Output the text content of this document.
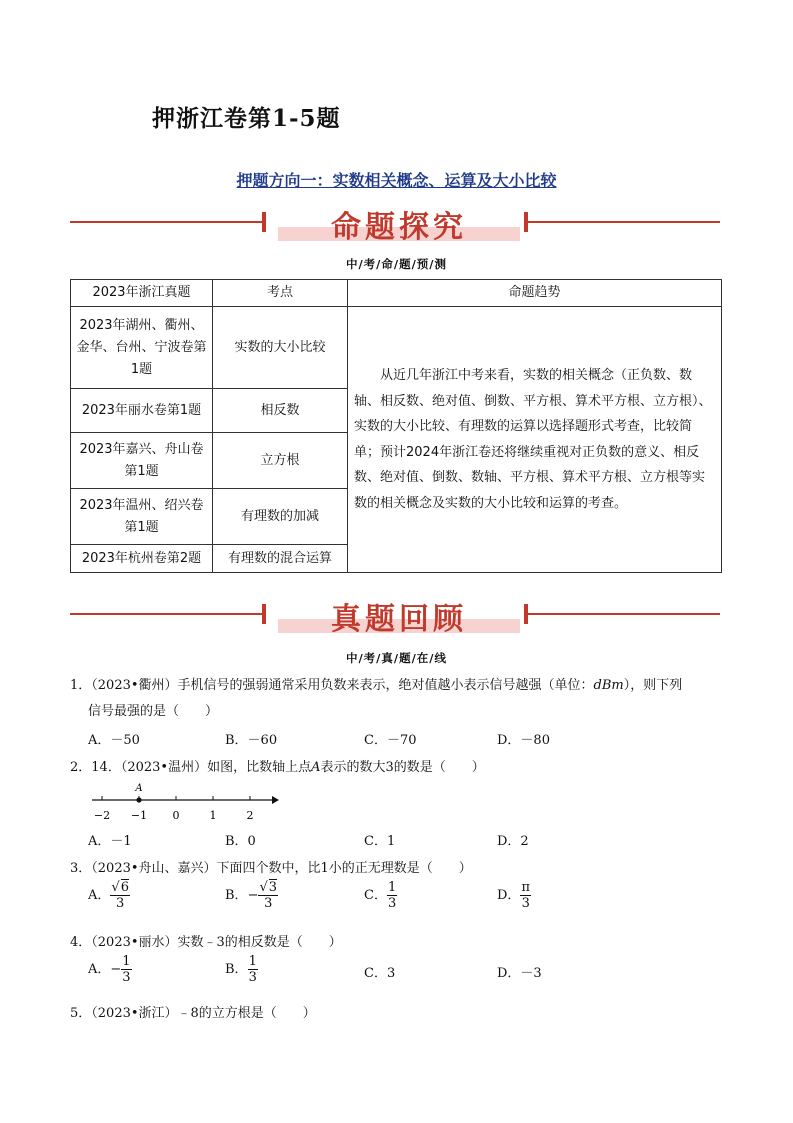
押浙江卷第1-5题
押题方向一：实数相关概念、运算及大小比较
命题探究
中/考/命/题/预/测
2023年浙江真题	考点	命题趋势
2023年湖州、衢州、金华、台州、宁波卷第1题	实数的大小比较	从近几年浙江中考来看，实数的相关概念（正负数、数轴、相反数、绝对值、倒数、平方根、算术平方根、立方根）、实数的大小比较、有理数的运算以选择题形式考查，比较简单；预计2024年浙江卷还将继续重视对正负数的意义、相反数、绝对值、倒数、数轴、平方根、算术平方根、立方根等实数的相关概念及实数的大小比较和运算的考查。
2023年丽水卷第1题	相反数	
2023年嘉兴、舟山卷第1题	立方根	
2023年温州、绍兴卷第1题	有理数的加减	
2023年杭州卷第2题	有理数的混合运算	
真题回顾
中/考/真/题/在/线
1．（2023•衢州）手机信号的强弱通常采用负数来表示，绝对值越小表示信号越强（单位：dBm），则下列
信号最强的是（　　）
A．－50	B．－60	C．－70	D．－80
2．14．（2023•温州）如图，比数轴上点A表示的数大3的数是（　　）
−2 −1 0	1	2
A
A．－1	B．0	C．1	D．2
3．（2023•舟山、嘉兴）下面四个数中，比1小的正无理数是（　　）
A． $\frac{√6}{3}$	B．− $\frac{√3}{3}$	C． $\frac{1}{3}$	D． $\frac{\pi}{3}$
4．（2023•丽水）实数﹣3的相反数是（　　）
A．− $\frac{1}{3}$	B． $\frac{1}{3}$	C．3	D．－3
5．（2023•浙江）﹣8的立方根是（　　）
